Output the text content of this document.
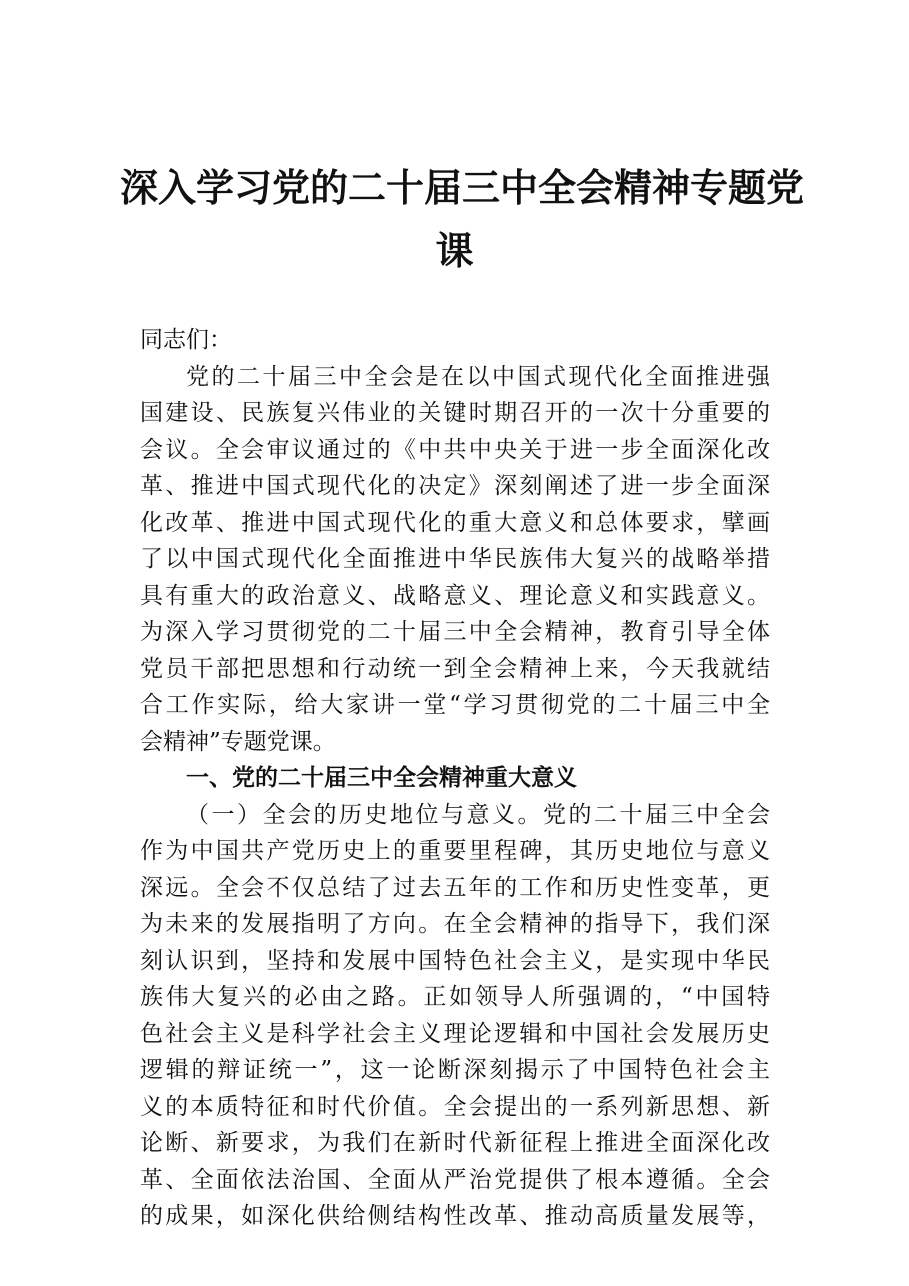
深入学习党的二十届三中全会精神专题党
课
同志们：
党的二十届三中全会是在以中国式现代化全面推进强
国建设、民族复兴伟业的关键时期召开的一次十分重要的
会议。全会审议通过的《中共中央关于进一步全面深化改
革、推进中国式现代化的决定》深刻阐述了进一步全面深
化改革、推进中国式现代化的重大意义和总体要求，擘画
了以中国式现代化全面推进中华民族伟大复兴的战略举措
具有重大的政治意义、战略意义、理论意义和实践意义。
为深入学习贯彻党的二十届三中全会精神，教育引导全体
党员干部把思想和行动统一到全会精神上来，今天我就结
合工作实际，给大家讲一堂“学习贯彻党的二十届三中全
会精神”专题党课。
一、党的二十届三中全会精神重大意义
（一）全会的历史地位与意义。党的二十届三中全会
作为中国共产党历史上的重要里程碑，其历史地位与意义
深远。全会不仅总结了过去五年的工作和历史性变革，更
为未来的发展指明了方向。在全会精神的指导下，我们深
刻认识到，坚持和发展中国特色社会主义，是实现中华民
族伟大复兴的必由之路。正如领导人所强调的，“中国特
色社会主义是科学社会主义理论逻辑和中国社会发展历史
逻辑的辩证统一”，这一论断深刻揭示了中国特色社会主
义的本质特征和时代价值。全会提出的一系列新思想、新
论断、新要求，为我们在新时代新征程上推进全面深化改
革、全面依法治国、全面从严治党提供了根本遵循。全会
的成果，如深化供给侧结构性改革、推动高质量发展等，
